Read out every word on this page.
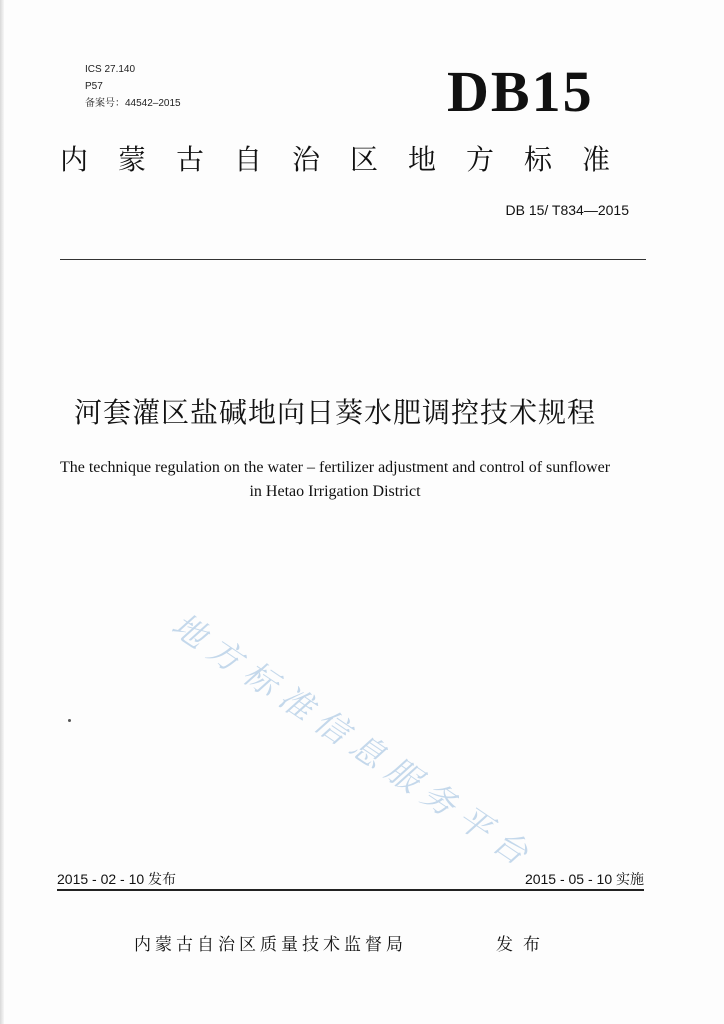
ICS 27.140
P57
备案号：44542–2015	DB15
内蒙古自治区地方标准
DB 15/ T834—2015
河套灌区盐碱地向日葵水肥调控技术规程
The technique regulation on the water – fertilizer adjustment and control of sunflower
in Hetao Irrigation District
地方标准信息服务平台
2015 - 02 - 10 发布	2015 - 05 - 10 实施
内蒙古自治区质量技术监督局	发布
